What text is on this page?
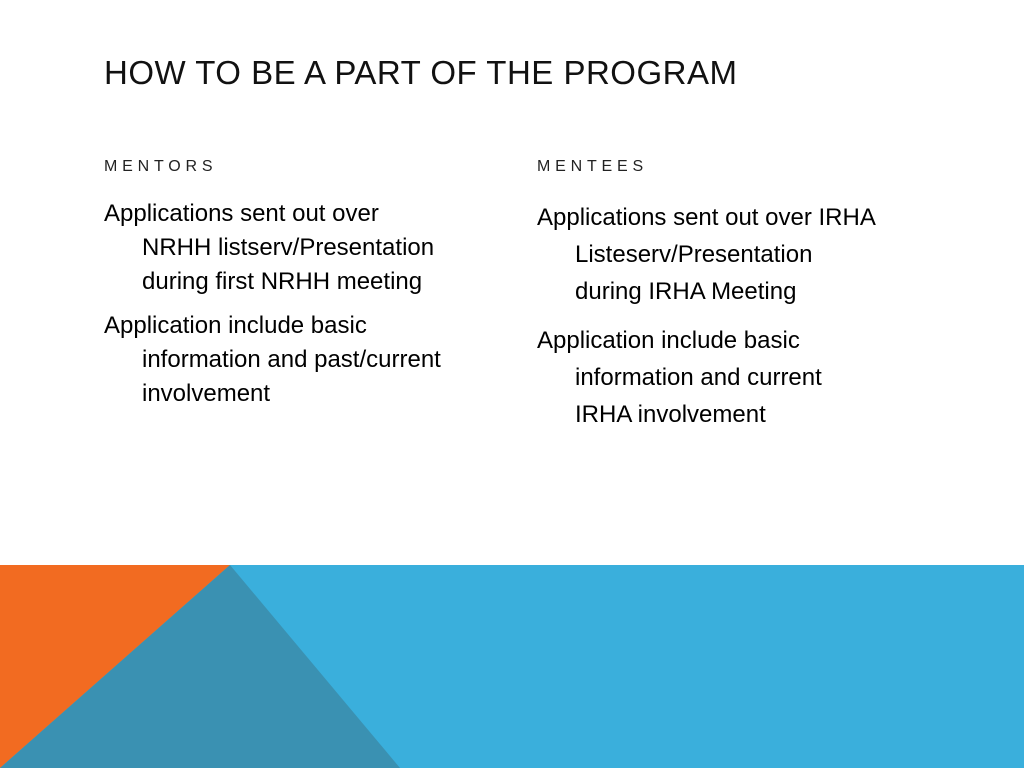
HOW TO BE A PART OF THE PROGRAM
MENTORS
Applications sent out over NRHH listserv/Presentation during first NRHH meeting
Application include basic information and past/current involvement
MENTEES
Applications sent out over IRHA Listeserv/Presentation during IRHA Meeting
Application include basic information and current IRHA involvement
